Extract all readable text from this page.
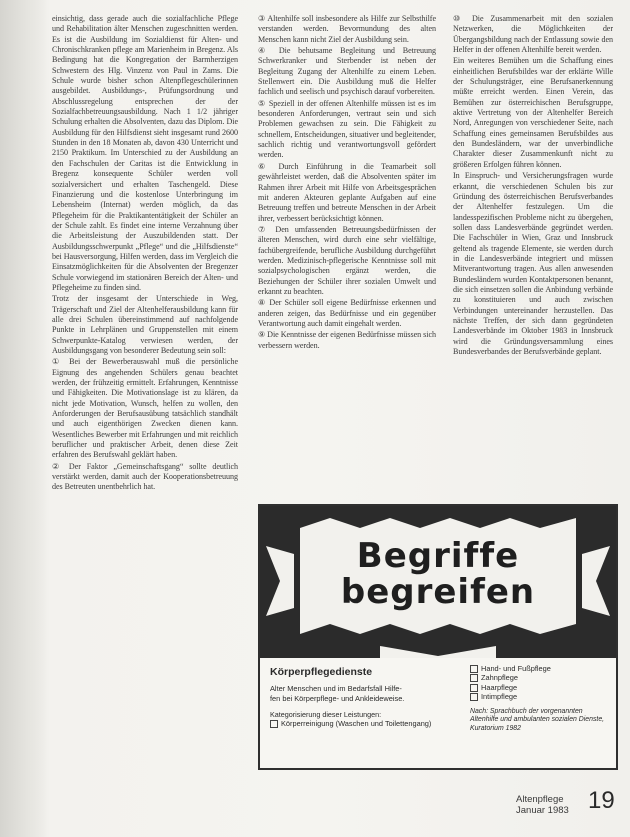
einsichtig, dass gerade auch die sozialfachliche Pflege und Rehabilitation älter Menschen zugeschnitten werden. Es ist die Ausbildung im Sozialdienst für Alten- und Chronischkranken pflege am Marienheim in Bregenz. Als Bedingung hat die Kongregation der Barmherzigen Schwestern des Hlg. Vinzenz von Paul in Zams. Die Schule wurde bisher schon Altenpflegeschülerinnen ausgebildet. Ausbildungs-, Prüfungsordnung und Abschlussregelung entsprechen der der Sozialfachbetreuungsausbildung. Nach 1 1/2 jähriger Schulung erhalten die Absolventen, dazu das Diplom. Die Ausbildung für den Hilfsdienst sieht insgesamt rund 2600 Stunden in den 18 Monaten ab, davon 430 Unterricht und 2150 Praktikum. Im Unterschied zu der Ausbildung an den Fachschulen der Caritas ist die Entwicklung in Bregenz konsequente Schüler werden voll sozialversichert und erhalten Taschengeld. Diese Finanzierung und die kostenlose Unterbringung im Lebensheim (Internat) werden möglich, da das Pflegeheim für die Praktikantentätigkeit der Schüler an der Schule zahlt. Es findet eine interne Verzahnung über die Arbeitsleistung der Auszubildenden statt. Der Ausbildungsschwerpunkt „Pflege“ und die „Hilfsdienste“ bei Hausversorgung, Hilfen werden, dass im Vergleich die Einsatzmöglichkeiten für die Absolventen der Bregenzer Schule vorwiegend im stationären Bereich der Alten- und Pflegeheime zu finden sind.

Trotz der insgesamt der Unterschiede in Weg, Trägerschaft und Ziel der Altenhelferausbildung kann für alle drei Schulen übereinstimmend auf nachfolgende Punkte in Lehrplänen und Gruppenstellen mit einem Schwerpunkte-Katalog verwiesen werden, der Ausbildungsgang von besonderer Bedeutung sein soll:

① Bei der Bewerberauswahl muß die persönliche Eignung des angehenden Schülers genau beachtet werden, der frühzeitig ermittelt. Erfahrungen, Kenntnisse und Fähigkeiten. Die Motivationslage ist zu klären, da nicht jede Motivation, Wunsch, helfen zu wollen, den Anforderungen der Berufsausübung tatsächlich standhält und auch eigenthörigen Zwecken dienen kann. Wesentliches Bewerber mit Erfahrungen und mit reichlich beruflicher und praktischer Arbeit, denen diese Zeit erfahren des Berufswahl geklärt haben.

② Der Faktor „Gemeinschaftsgang“ sollte deutlich verstärkt werden, damit auch der Kooperationsbetreuung des Betreuten unentbehrlich hat.

③ Altenhilfe soll insbesondere als Hilfe zur Selbsthilfe verstanden werden. Bevormundung des alten Menschen kann nicht Ziel der Ausbildung sein.

④ Die behutsame Begleitung und Betreuung Schwerkranker und Sterbender ist neben der Begleitung Zugang der Altenhilfe zu einem Leben. Stellenwert ein. Die Ausbildung muß die Helfer fachlich und seelisch und psychisch darauf vorbereiten.

⑤ Speziell in der offenen Altenhilfe müssen ist es im besonderen Anforderungen, vertraut sein und sich Problemen gewachsen zu sein. Die Fähigkeit zu schnellem, Entscheidungen, situativer und begleitender, sachlich richtig und verantwortungsvoll gefördert werden.

⑥ Durch Einführung in die Teamarbeit soll gewährleistet werden, daß die Absolventen später im Rahmen ihrer Arbeit mit Hilfe von Arbeitsgesprächen mit anderen Akteuren geplante Aufgaben auf eine Betreuung treffen und betreute Menschen in der Arbeit ihrer, verbessert berücksichtigt können.

⑦ Den umfassenden Betreuungsbedürfnissen der älteren Menschen, wird durch eine sehr vielfältige, fachübergreifende, berufliche Ausbildung durchgeführt werden. Medizinisch-pflegerische Kenntnisse soll mit sozialpsychologischen ergänzt werden, die Beziehungen der Schüler ihrer sozialen Umwelt und erkannt zu beachten.

⑧ Der Schüler soll eigene Bedürfnisse erkennen und anderen zeigen, das Bedürfnisse und ein gegenüber Verantwortung auch damit eingehalt werden.

⑨ Die Kenntnisse der eigenen Bedürfnisse müssen sich verbessern werden.

⑩ Die Zusammenarbeit mit den sozialen Netzwerken, die Möglichkeiten der Übergangsbildung nach der Entlassung sowie den Helfer in der offenen Altenhilfe bereit werden.

Ein weiteres Bemühen um die Schaffung eines einheitlichen Berufsbildes war der erklärte Wille der Schulungsträger, eine Berufsanerkennung müßte erreicht werden. Einen Verein, das Bemühen zur österreichischen Berufsgruppe, aktive Vertretung von der Altenhelfer Bereich Nord, Anregungen von verschiedener Seite, nach Schaffung eines gemeinsamen Berufsbildes aus den Bundesländern, war der unverbindliche Charakter dieser Zusammenkunft nicht zu größeren Erfolgen führen können.

In Einspruch- und Versicherungsfragen wurde erkannt, die verschiedenen Schulen bis zur Gründung des österreichischen Berufsverbandes der Altenhelfer festzulegen. Um die landesspezifischen Probleme nicht zu übergehen, sollen dass Landesverbände gegründet werden. Die Fachschüler in Wien, Graz und Innsbruck geltend als tragende Elemente, sie werden durch in die Landesverbände integriert und müssen Mitverantwortung tragen. Aus allen anwesenden Bundesländern wurden Kontaktpersonen benannt, die sich einsetzen sollen die Anbindung verbände zu konstituieren und auch zwischen Verbindungen untereinander herzustellen. Das nächste Treffen, der sich dann gegründeten Landesverbände im Oktober 1983 in Innsbruck wird die Gründungsversammlung eines Bundesverbandes der Berufsverbände geplant.

Begriffe
begreifen
Körperpflegedienste
Alter Menschen und im Bedarfsfall Hilfe-
fen bei Körperpflege- und Ankleideweise.
Kategorisierung dieser Leistungen:
Körperreinigung (Waschen und Toilettengang)
Hand- und Fußpflege
Zahnpflege
Haarpflege
Intimpflege
Nach: Sprachbuch der vorgenannten Altenhilfe und ambulanten sozialen Dienste, Kuratorium 1982
Altenpflege
Januar 1983 19
